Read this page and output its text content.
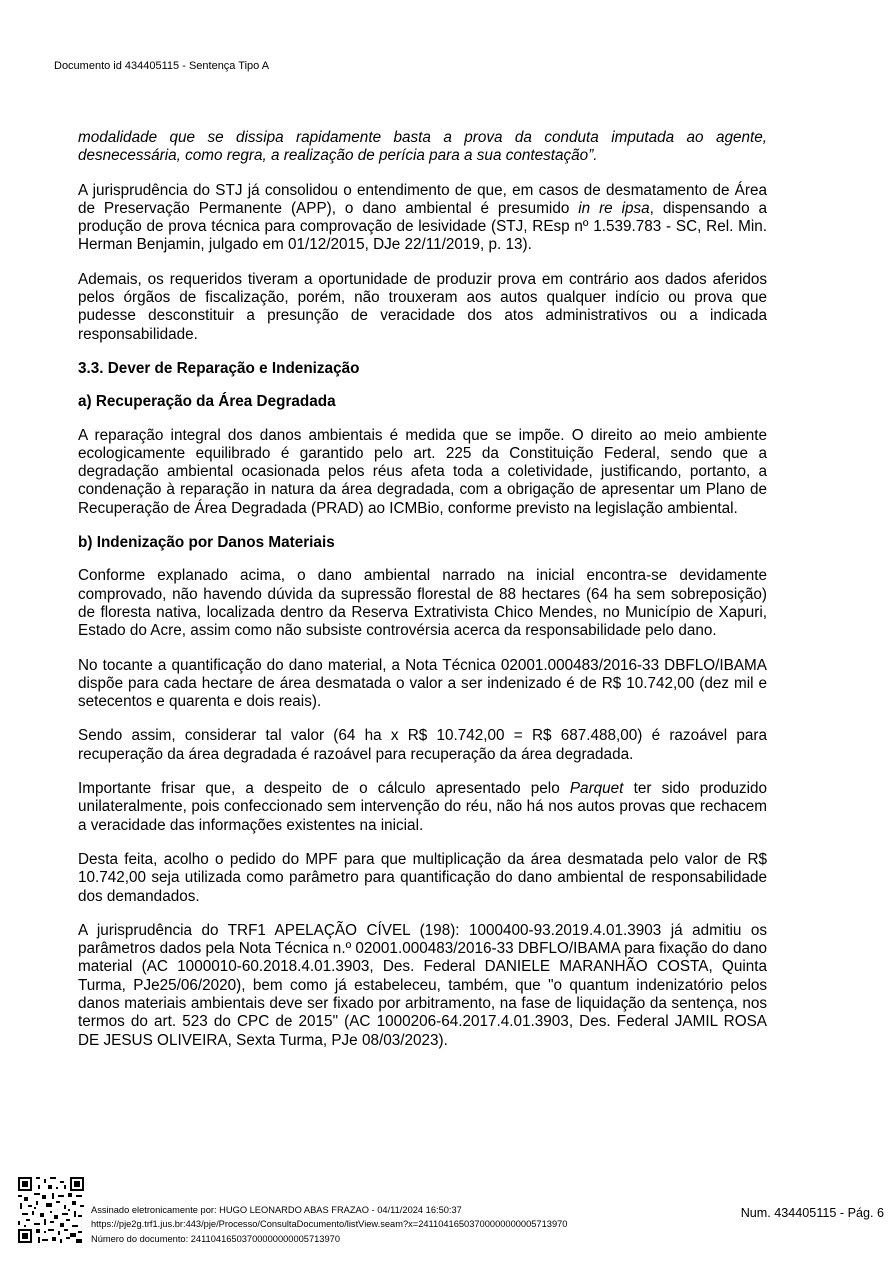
Documento id 434405115 - Sentença Tipo A

modalidade que se dissipa rapidamente basta a prova da conduta imputada ao agente, desnecessária, como regra, a realização de perícia para a sua contestação”.

A jurisprudência do STJ já consolidou o entendimento de que, em casos de desmatamento de Área de Preservação Permanente (APP), o dano ambiental é presumido in re ipsa, dispensando a produção de prova técnica para comprovação de lesividade (STJ, REsp nº 1.539.783 - SC, Rel. Min. Herman Benjamin, julgado em 01/12/2015, DJe 22/11/2019, p. 13).

Ademais, os requeridos tiveram a oportunidade de produzir prova em contrário aos dados aferidos pelos órgãos de fiscalização, porém, não trouxeram aos autos qualquer indício ou prova que pudesse desconstituir a presunção de veracidade dos atos administrativos ou a indicada responsabilidade.

3.3. Dever de Reparação e Indenização
a) Recuperação da Área Degradada

A reparação integral dos danos ambientais é medida que se impõe. O direito ao meio ambiente ecologicamente equilibrado é garantido pelo art. 225 da Constituição Federal, sendo que a degradação ambiental ocasionada pelos réus afeta toda a coletividade, justificando, portanto, a condenação à reparação in natura da área degradada, com a obrigação de apresentar um Plano de Recuperação de Área Degradada (PRAD) ao ICMBio, conforme previsto na legislação ambiental.

b) Indenização por Danos Materiais

Conforme explanado acima, o dano ambiental narrado na inicial encontra-se devidamente comprovado, não havendo dúvida da supressão florestal de 88 hectares (64 ha sem sobreposição) de floresta nativa, localizada dentro da Reserva Extrativista Chico Mendes, no Município de Xapuri, Estado do Acre, assim como não subsiste controvérsia acerca da responsabilidade pelo dano.

No tocante a quantificação do dano material, a Nota Técnica 02001.000483/2016-33 DBFLO/IBAMA dispõe para cada hectare de área desmatada o valor a ser indenizado é de R$ 10.742,00 (dez mil e setecentos e quarenta e dois reais).

Sendo assim, considerar tal valor (64 ha x R$ 10.742,00 = R$ 687.488,00) é razoável para recuperação da área degradada é razoável para recuperação da área degradada.

Importante frisar que, a despeito de o cálculo apresentado pelo Parquet ter sido produzido unilateralmente, pois confeccionado sem intervenção do réu, não há nos autos provas que rechacem a veracidade das informações existentes na inicial.

Desta feita, acolho o pedido do MPF para que multiplicação da área desmatada pelo valor de R$ 10.742,00 seja utilizada como parâmetro para quantificação do dano ambiental de responsabilidade dos demandados.

A jurisprudência do TRF1 APELAÇÃO CÍVEL (198): 1000400-93.2019.4.01.3903 já admitiu os parâmetros dados pela Nota Técnica n.º 02001.000483/2016-33 DBFLO/IBAMA para fixação do dano material (AC 1000010-60.2018.4.01.3903, Des. Federal DANIELE MARANHÃO COSTA, Quinta Turma, PJe25/06/2020), bem como já estabeleceu, também, que "o quantum indenizatório pelos danos materiais ambientais deve ser fixado por arbitramento, na fase de liquidação da sentença, nos termos do art. 523 do CPC de 2015" (AC 1000206-64.2017.4.01.3903, Des. Federal JAMIL ROSA DE JESUS OLIVEIRA, Sexta Turma, PJe 08/03/2023).

Assinado eletronicamente por: HUGO LEONARDO ABAS FRAZAO - 04/11/2024 16:50:37
https://pje2g.trf1.jus.br:443/pje/Processo/ConsultaDocumento/listView.seam?x=24110416503700000000005713970
Número do documento: 24110416503700000000005713970
Num. 434405115 - Pág. 6
